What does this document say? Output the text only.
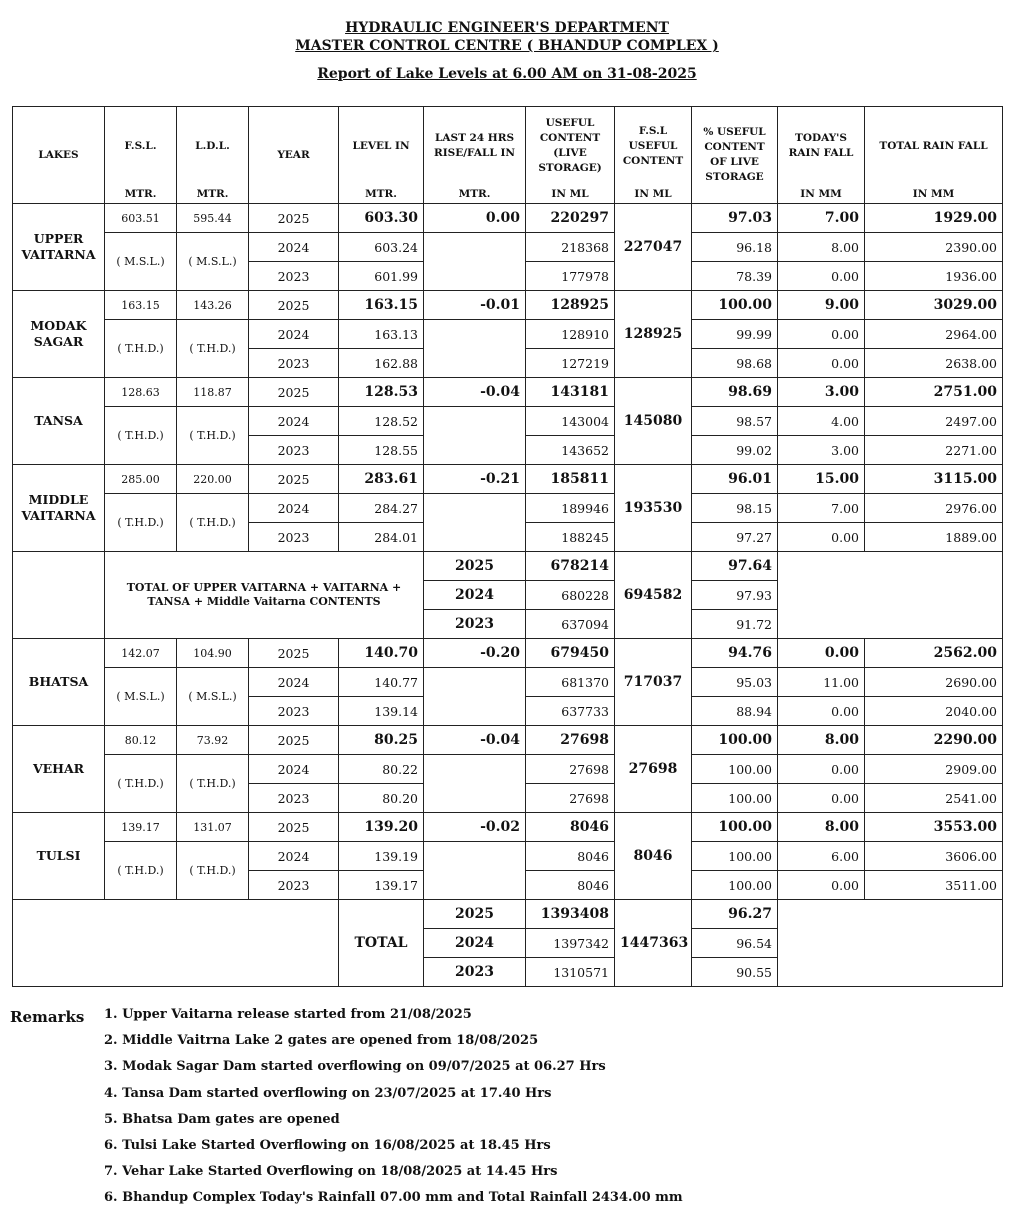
HYDRAULIC ENGINEER'S DEPARTMENT
MASTER CONTROL CENTRE ( BHANDUP COMPLEX )
Report of Lake Levels at 6.00 AM on 31-08-2025
LAKES	F.S.L.	L.D.L.	YEAR	LEVEL IN	LAST 24 HRS RISE/FALL IN	USEFUL CONTENT (LIVE STORAGE)	F.S.L USEFUL CONTENT	% USEFUL CONTENT OF LIVE STORAGE	TODAY'S RAIN FALL	TOTAL RAIN FALL
	MTR.	MTR.		MTR.	MTR.	IN ML	IN ML		IN MM	IN MM
UPPER VAITARNA	603.51	595.44	2025	603.30	0.00	220297	227047	97.03	7.00	1929.00
	( M.S.L.)	( M.S.L.)	2024	603.24		218368		96.18	8.00	2390.00
			2023	601.99		177978		78.39	0.00	1936.00
MODAK SAGAR	163.15	143.26	2025	163.15	-0.01	128925	128925	100.00	9.00	3029.00
	( T.H.D.)	( T.H.D.)	2024	163.13		128910		99.99	0.00	2964.00
			2023	162.88		127219		98.68	0.00	2638.00
TANSA	128.63	118.87	2025	128.53	-0.04	143181	145080	98.69	3.00	2751.00
	( T.H.D.)	( T.H.D.)	2024	128.52		143004		98.57	4.00	2497.00
			2023	128.55		143652		99.02	3.00	2271.00
MIDDLE VAITARNA	285.00	220.00	2025	283.61	-0.21	185811	193530	96.01	15.00	3115.00
	( T.H.D.)	( T.H.D.)	2024	284.27		189946		98.15	7.00	2976.00
			2023	284.01		188245		97.27	0.00	1889.00
	TOTAL OF UPPER VAITARNA + VAITARNA + TANSA + Middle Vaitarna CONTENTS				2025	678214	694582	97.64		
					2024	680228		97.93		
					2023	637094		91.72		
BHATSA	142.07	104.90	2025	140.70	-0.20	679450	717037	94.76	0.00	2562.00
	( M.S.L.)	( M.S.L.)	2024	140.77		681370		95.03	11.00	2690.00
			2023	139.14		637733		88.94	0.00	2040.00
VEHAR	80.12	73.92	2025	80.25	-0.04	27698	27698	100.00	8.00	2290.00
	( T.H.D.)	( T.H.D.)	2024	80.22		27698		100.00	0.00	2909.00
			2023	80.20		27698		100.00	0.00	2541.00
TULSI	139.17	131.07	2025	139.20	-0.02	8046	8046	100.00	8.00	3553.00
	( T.H.D.)	( T.H.D.)	2024	139.19		8046		100.00	6.00	3606.00
			2023	139.17		8046		100.00	0.00	3511.00
				TOTAL	2025	1393408	1447363	96.27		
					2024	1397342		96.54		
					2023	1310571		90.55		
Remarks 1. Upper Vaitarna release started from 21/08/2025
2. Middle Vaitrna Lake 2 gates are opened from 18/08/2025
3. Modak Sagar Dam started overflowing on 09/07/2025 at 06.27 Hrs
4. Tansa Dam started overflowing on 23/07/2025 at 17.40 Hrs
5. Bhatsa Dam gates are opened
6. Tulsi Lake Started Overflowing on 16/08/2025 at 18.45 Hrs
7. Vehar Lake Started Overflowing on 18/08/2025 at 14.45 Hrs
6. Bhandup Complex Today's Rainfall 07.00 mm and Total Rainfall 2434.00 mm
